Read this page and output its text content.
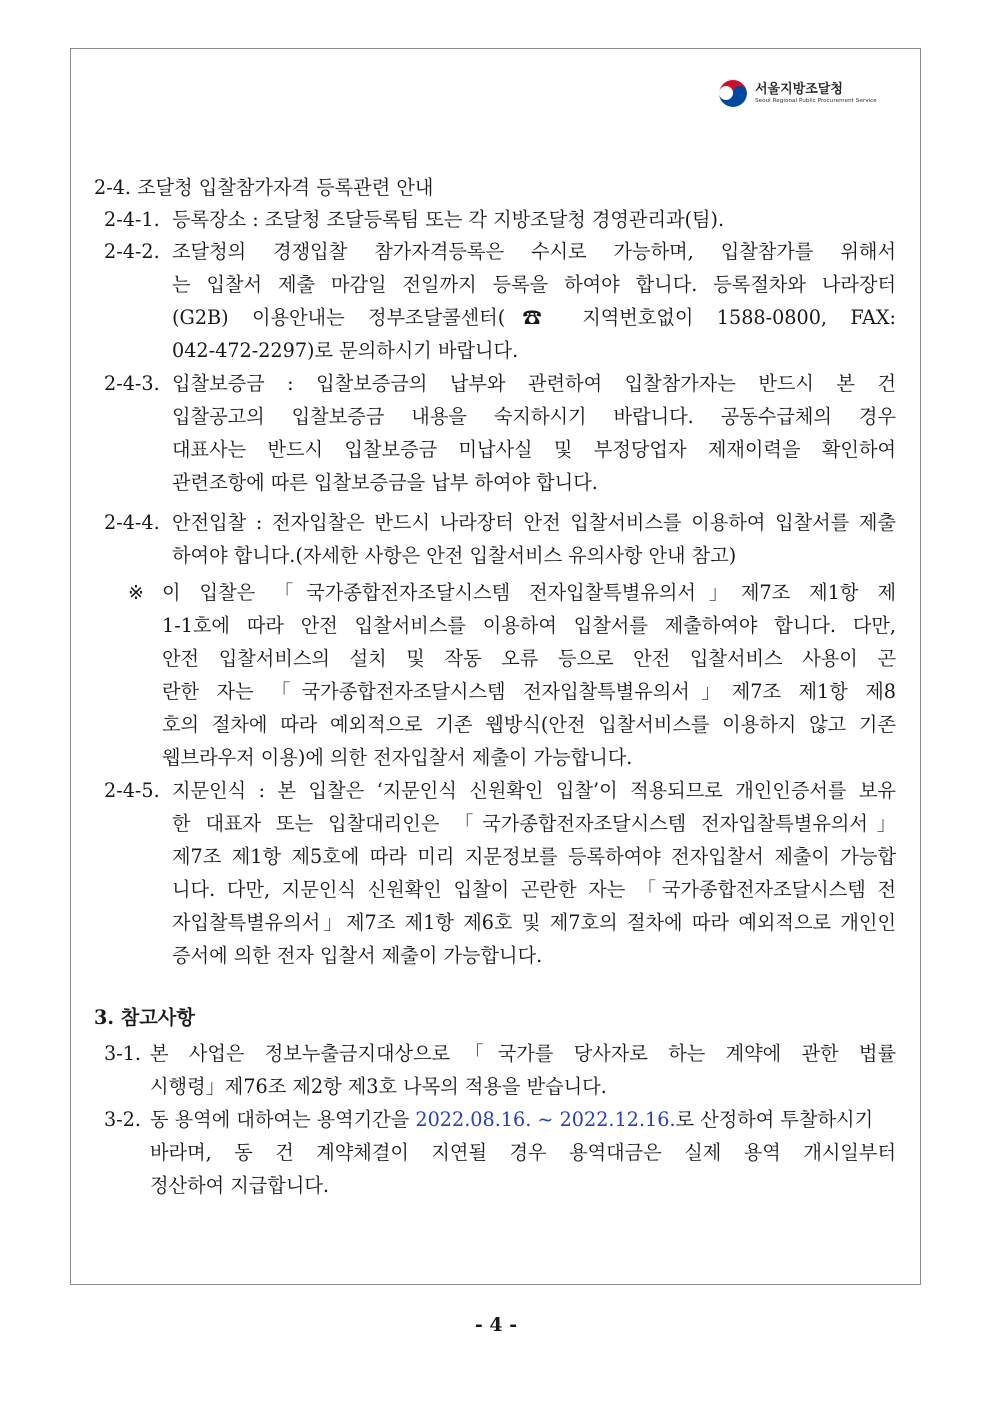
서울지방조달청
Seoul Regional Public Procurement Service
2-4. 조달청 입찰참가자격 등록관련 안내
2-4-1. 등록장소 : 조달청 조달등록팀 또는 각 지방조달청 경영관리과(팀).
2-4-2. 조달청의 경쟁입찰 참가자격등록은 수시로 가능하며, 입찰참가를 위해서
는 입찰서 제출 마감일 전일까지 등록을 하여야 합니다. 등록절차와 나라장터
(G2B) 이용안내는 정부조달콜센터(☎ 지역번호없이 1588-0800, FAX:
042-472-2297)로 문의하시기 바랍니다.
2-4-3. 입찰보증금 : 입찰보증금의 납부와 관련하여 입찰참가자는 반드시 본 건
입찰공고의 입찰보증금 내용을 숙지하시기 바랍니다. 공동수급체의 경우
대표사는 반드시 입찰보증금 미납사실 및 부정당업자 제재이력을 확인하여
관련조항에 따른 입찰보증금을 납부 하여야 합니다.
2-4-4. 안전입찰 : 전자입찰은 반드시 나라장터 안전 입찰서비스를 이용하여 입찰서를 제출
하여야 합니다.(자세한 사항은 안전 입찰서비스 유의사항 안내 참고)
※ 이 입찰은 「국가종합전자조달시스템 전자입찰특별유의서」제7조 제1항 제
1-1호에 따라 안전 입찰서비스를 이용하여 입찰서를 제출하여야 합니다. 다만,
안전 입찰서비스의 설치 및 작동 오류 등으로 안전 입찰서비스 사용이 곤
란한 자는 「국가종합전자조달시스템 전자입찰특별유의서」제7조 제1항 제8
호의 절차에 따라 예외적으로 기존 웹방식(안전 입찰서비스를 이용하지 않고 기존
웹브라우저 이용)에 의한 전자입찰서 제출이 가능합니다.
2-4-5. 지문인식 : 본 입찰은 ‘지문인식 신원확인 입찰’이 적용되므로 개인인증서를 보유
한 대표자 또는 입찰대리인은 「국가종합전자조달시스템 전자입찰특별유의서」
제7조 제1항 제5호에 따라 미리 지문정보를 등록하여야 전자입찰서 제출이 가능합
니다. 다만, 지문인식 신원확인 입찰이 곤란한 자는 「국가종합전자조달시스템 전
자입찰특별유의서」제7조 제1항 제6호 및 제7호의 절차에 따라 예외적으로 개인인
증서에 의한 전자 입찰서 제출이 가능합니다.
3. 참고사항
3-1. 본 사업은 정보누출금지대상으로「국가를 당사자로 하는 계약에 관한 법률
시행령」제76조 제2항 제3호 나목의 적용을 받습니다.
3-2. 동 용역에 대하여는 용역기간을 2022.08.16. ~ 2022.12.16.로 산정하여 투찰하시기
바라며, 동 건 계약체결이 지연될 경우 용역대금은 실제 용역 개시일부터
정산하여 지급합니다.
- 4 -
